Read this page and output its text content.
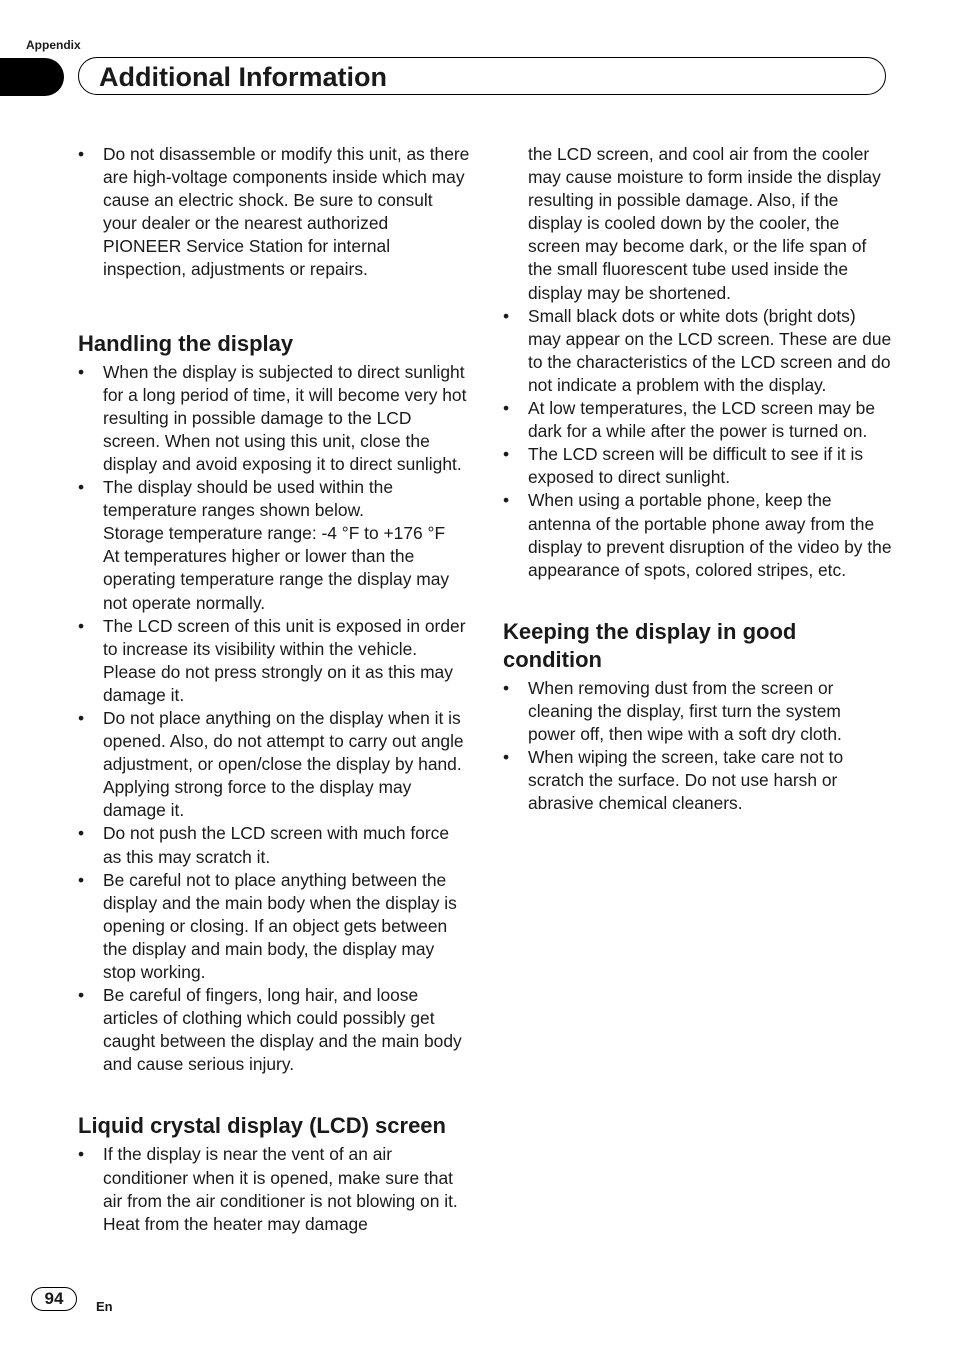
Appendix
Additional Information
• Do not disassemble or modify this unit, as there are high-voltage components inside which may cause an electric shock. Be sure to consult your dealer or the nearest authorized PIONEER Service Station for internal inspection, adjustments or repairs.
Handling the display
• When the display is subjected to direct sunlight for a long period of time, it will become very hot resulting in possible damage to the LCD screen. When not using this unit, close the display and avoid exposing it to direct sunlight.
• The display should be used within the temperature ranges shown below.
Storage temperature range: -4 °F to +176 °F
At temperatures higher or lower than the operating temperature range the display may not operate normally.
• The LCD screen of this unit is exposed in order to increase its visibility within the vehicle. Please do not press strongly on it as this may damage it.
• Do not place anything on the display when it is opened. Also, do not attempt to carry out angle adjustment, or open/close the display by hand. Applying strong force to the display may damage it.
• Do not push the LCD screen with much force as this may scratch it.
• Be careful not to place anything between the display and the main body when the display is opening or closing. If an object gets between the display and main body, the display may stop working.
• Be careful of fingers, long hair, and loose articles of clothing which could possibly get caught between the display and the main body and cause serious injury.
Liquid crystal display (LCD) screen
• If the display is near the vent of an air conditioner when it is opened, make sure that air from the air conditioner is not blowing on it. Heat from the heater may damage
the LCD screen, and cool air from the cooler may cause moisture to form inside the display resulting in possible damage. Also, if the display is cooled down by the cooler, the screen may become dark, or the life span of the small fluorescent tube used inside the display may be shortened.
• Small black dots or white dots (bright dots) may appear on the LCD screen. These are due to the characteristics of the LCD screen and do not indicate a problem with the display.
• At low temperatures, the LCD screen may be dark for a while after the power is turned on.
• The LCD screen will be difficult to see if it is exposed to direct sunlight.
• When using a portable phone, keep the antenna of the portable phone away from the display to prevent disruption of the video by the appearance of spots, colored stripes, etc.
Keeping the display in good condition
• When removing dust from the screen or cleaning the display, first turn the system power off, then wipe with a soft dry cloth.
• When wiping the screen, take care not to scratch the surface. Do not use harsh or abrasive chemical cleaners.
94	En
